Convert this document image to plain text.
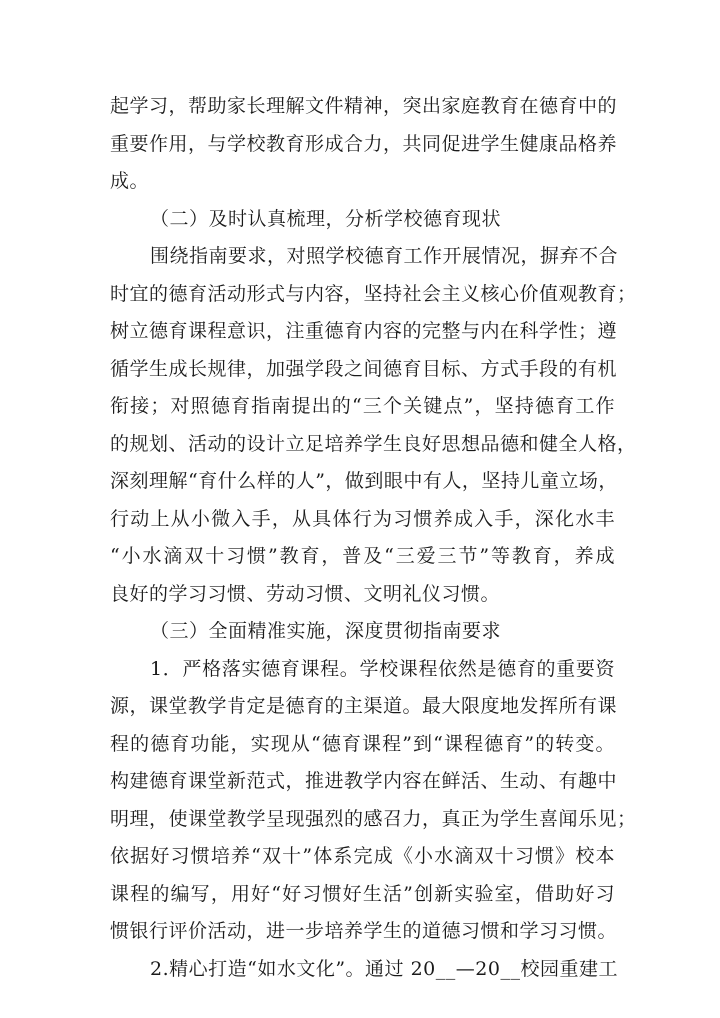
起学习，帮助家长理解文件精神，突出家庭教育在德育中的
重要作用，与学校教育形成合力，共同促进学生健康品格养
成。
（二）及时认真梳理，分析学校德育现状
围绕指南要求，对照学校德育工作开展情况，摒弃不合
时宜的德育活动形式与内容，坚持社会主义核心价值观教育；
树立德育课程意识，注重德育内容的完整与内在科学性；遵
循学生成长规律，加强学段之间德育目标、方式手段的有机
衔接；对照德育指南提出的“三个关键点”，坚持德育工作
的规划、活动的设计立足培养学生良好思想品德和健全人格，
深刻理解“育什么样的人”，做到眼中有人，坚持儿童立场，
行动上从小微入手，从具体行为习惯养成入手，深化水丰
“小水滴双十习惯”教育，普及“三爱三节”等教育，养成
良好的学习习惯、劳动习惯、文明礼仪习惯。
（三）全面精准实施，深度贯彻指南要求
1．严格落实德育课程。学校课程依然是德育的重要资
源，课堂教学肯定是德育的主渠道。最大限度地发挥所有课
程的德育功能，实现从“德育课程”到“课程德育”的转变。
构建德育课堂新范式，推进教学内容在鲜活、生动、有趣中
明理，使课堂教学呈现强烈的感召力，真正为学生喜闻乐见；
依据好习惯培养“双十”体系完成《小水滴双十习惯》校本
课程的编写，用好“好习惯好生活”创新实验室，借助好习
惯银行评价活动，进一步培养学生的道德习惯和学习习惯。
2.精心打造“如水文化”。通过 20__—20__校园重建工
